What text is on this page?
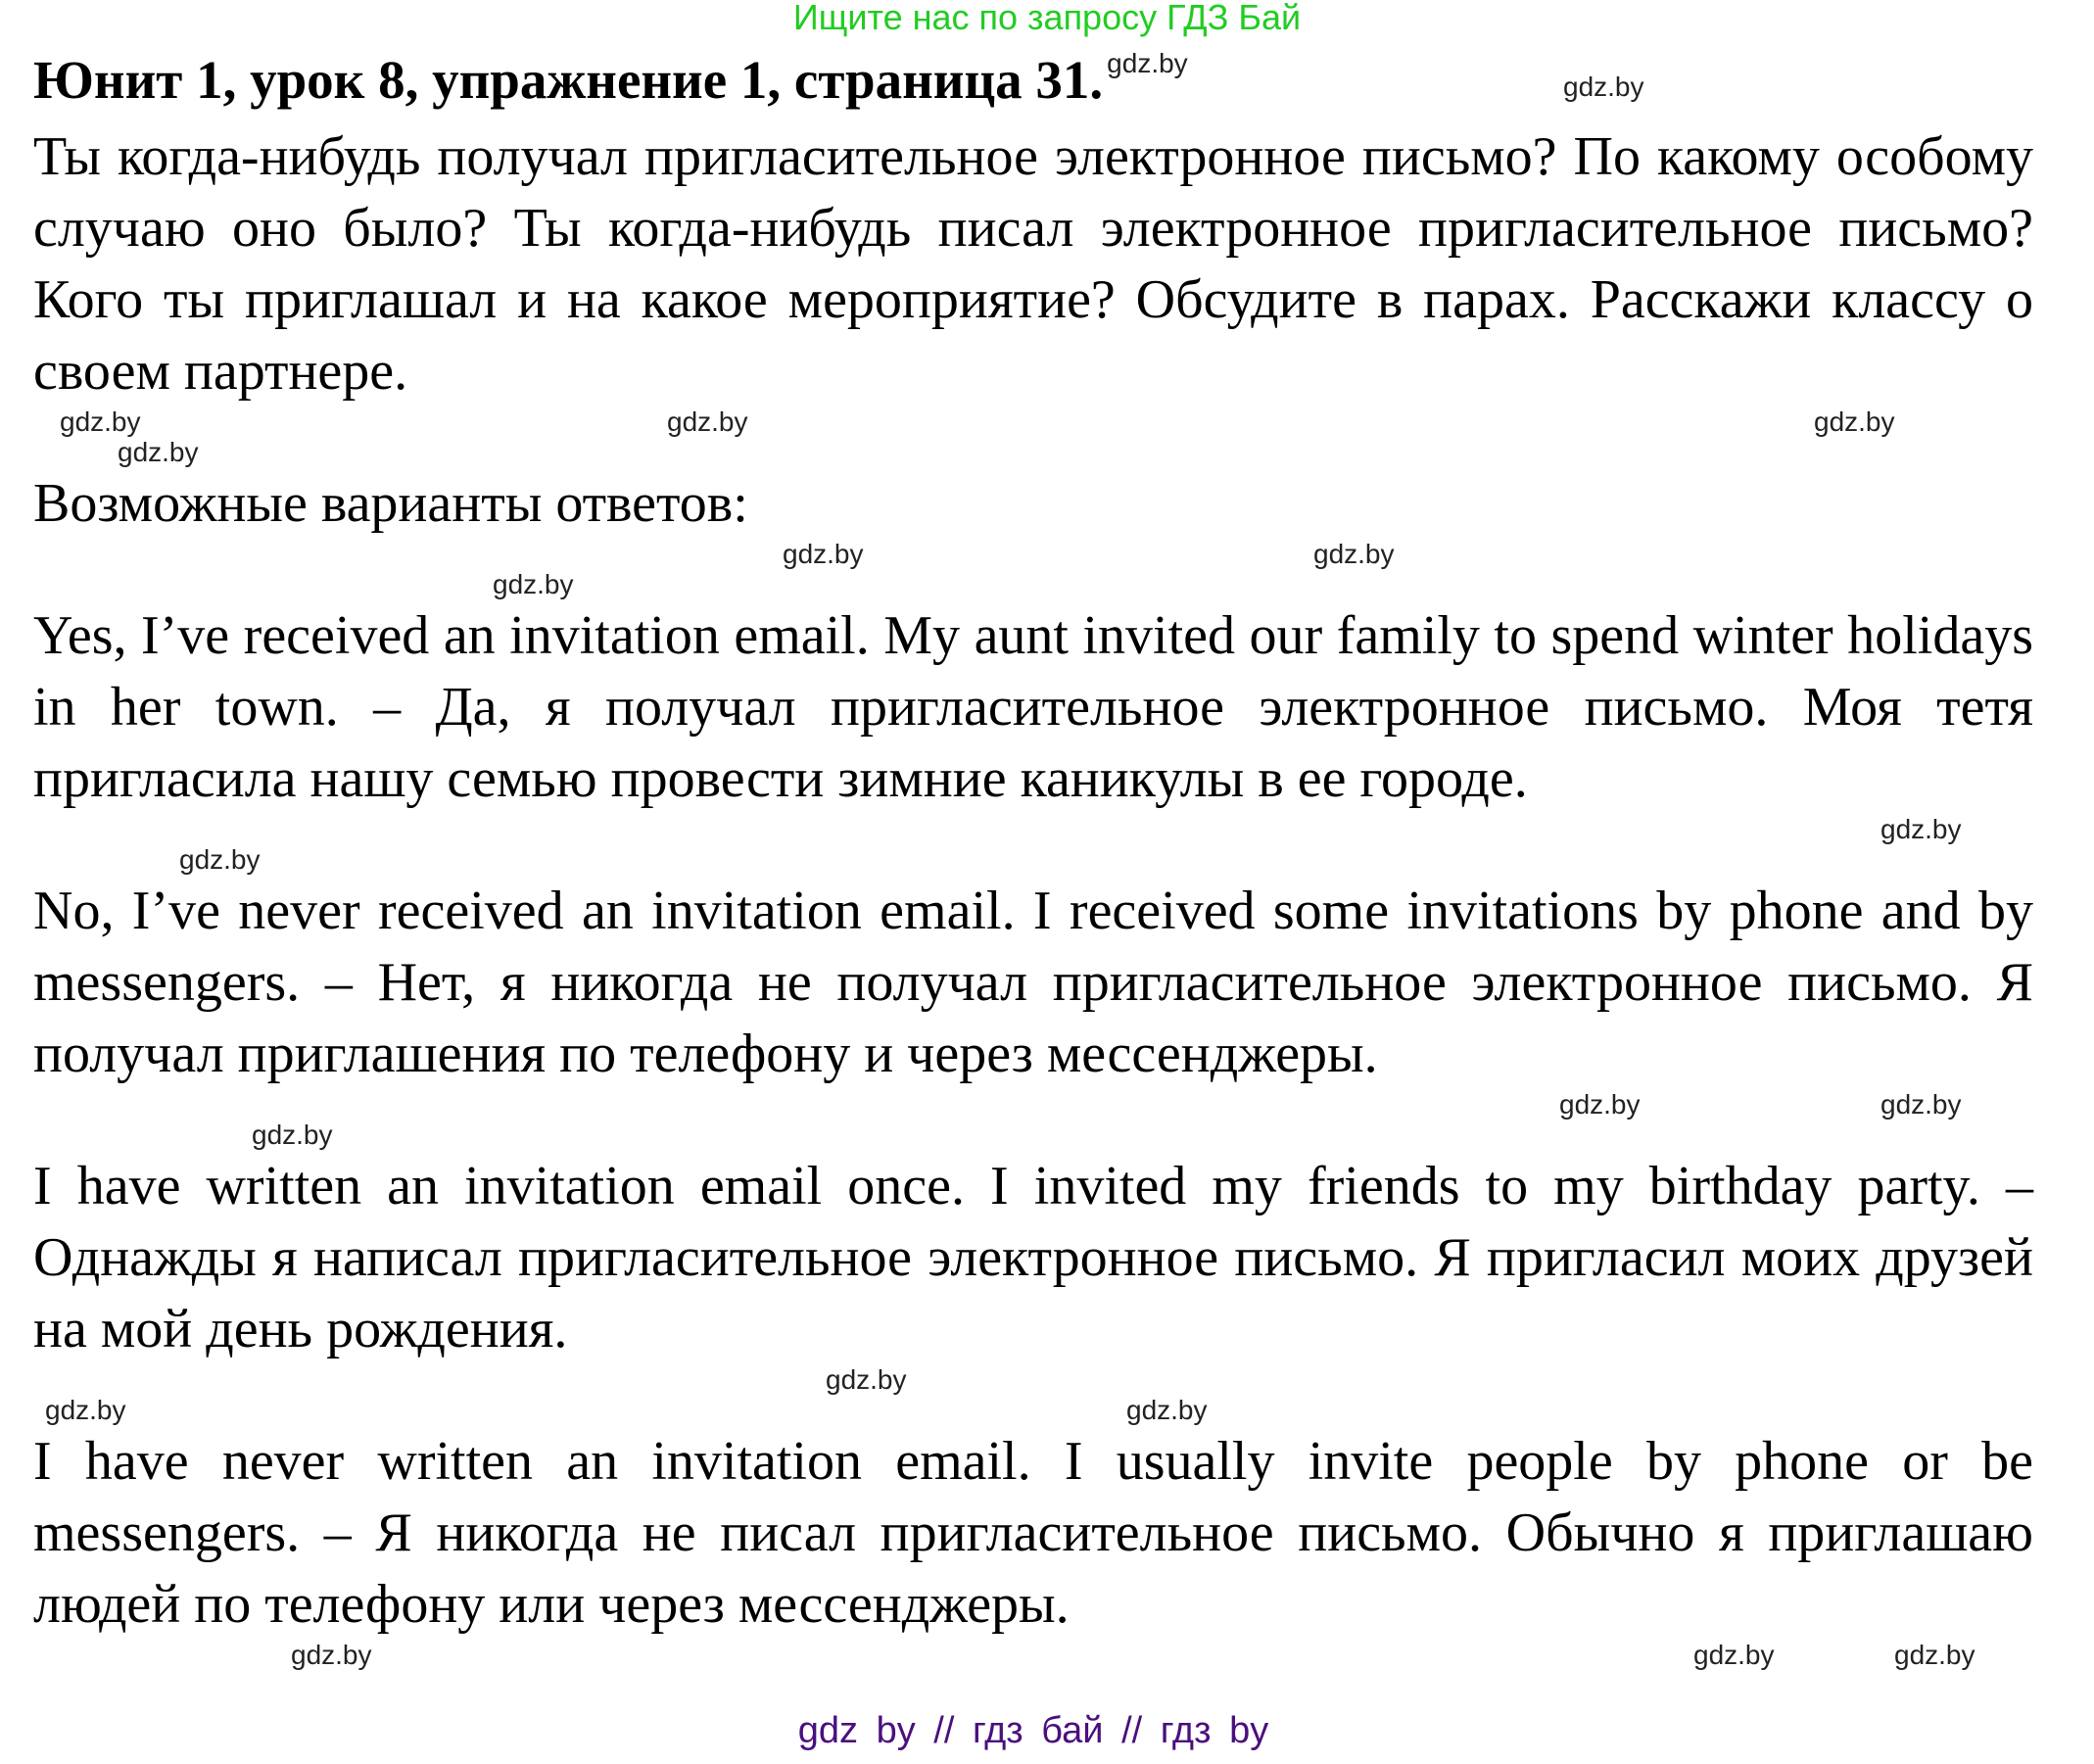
Ищите нас по запросу ГДЗ Бай
Юнит 1, урок 8, упражнение 1, страница 31. $^{gdz.by}$
gdz.by
Ты когда-нибудь получал пригласительное электронное письмо? По какому особому случаю оно было? Ты когда-нибудь писал электронное пригласительное письмо? Кого ты приглашал и на какое мероприятие? Обсудите в парах. Расскажи классу о своем партнере.
gdz.by
gdz.by	gdz.by
gdz.by
Возможные варианты ответов:
gdz.by
gdz.by
gdz.by
Yes, I’ve received an invitation email. My aunt invited our family to spend winter holidays in her town. – Да, я получал пригласительное электронное письмо. Моя тетя пригласила нашу семью провести зимние каникулы в ее городе.
gdz.by
gdz.by
No, I’ve never received an invitation email. I received some invitations by phone and by messengers. – Нет, я никогда не получал пригласительное электронное письмо. Я получал приглашения по телефону и через мессенджеры.
gdz.by
gdz.by
gdz.by
I have written an invitation email once. I invited my friends to my birthday party. – Однажды я написал пригласительное электронное письмо. Я пригласил моих друзей на мой день рождения.
gdz.by
gdz.by
gdz.by
I have never written an invitation email. I usually invite people by phone or be messengers. – Я никогда не писал пригласительное письмо. Обычно я приглашаю людей по телефону или через мессенджеры.
gdz.by
gdz.by
gdz.by
gdz by // гдз бай // гдз by
